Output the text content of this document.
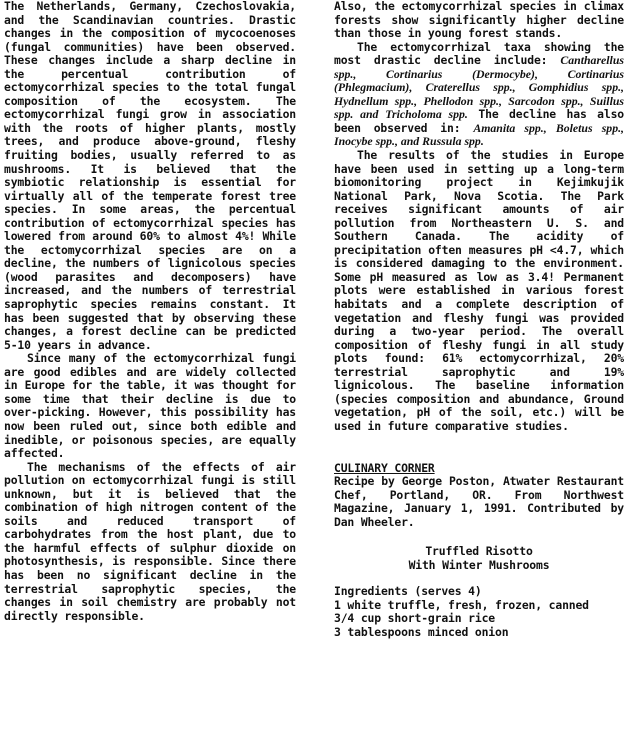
The Netherlands, Germany, Czechoslovakia, and the Scandinavian countries. Drastic changes in the composition of mycocoenoses (fungal communities) have been observed. These changes include a sharp decline in the percentual contribution of ectomycorrhizal species to the total fungal composition of the ecosystem. The ectomycorrhizal fungi grow in association with the roots of higher plants, mostly trees, and produce above-ground, fleshy fruiting bodies, usually referred to as mushrooms. It is believed that the symbiotic relationship is essential for virtually all of the temperate forest tree species. In some areas, the percentual contribution of ectomycorrhizal species has lowered from around 60% to almost 4%! While the ectomycorrhizal species are on a decline, the numbers of lignicolous species (wood parasites and decomposers) have increased, and the numbers of terrestrial saprophytic species remains constant. It has been suggested that by observing these changes, a forest decline can be predicted 5-10 years in advance.

Since many of the ectomycorrhizal fungi are good edibles and are widely collected in Europe for the table, it was thought for some time that their decline is due to over-picking. However, this possibility has now been ruled out, since both edible and inedible, or poisonous species, are equally affected.

The mechanisms of the effects of air pollution on ectomycorrhizal fungi is still unknown, but it is believed that the combination of high nitrogen content of the soils and reduced transport of carbohydrates from the host plant, due to the harmful effects of sulphur dioxide on photosynthesis, is responsible. Since there has been no significant decline in the terrestrial saprophytic species, the changes in soil chemistry are probably not directly responsible.

Also, the ectomycorrhizal species in climax forests show significantly higher decline than those in young forest stands.

The ectomycorrhizal taxa showing the most drastic decline include: Cantharellus spp., Cortinarius (Dermocybe), Cortinarius (Phlegmacium), Craterellus spp., Gomphidius spp., Hydnellum spp., Phellodon spp., Sarcodon spp., Suillus spp. and Tricholoma spp. The decline has also been observed in: Amanita spp., Boletus spp., Inocybe spp., and Russula spp.

The results of the studies in Europe have been used in setting up a long-term biomonitoring project in Kejimkujik National Park, Nova Scotia. The Park receives significant amounts of air pollution from Northeastern U. S. and Southern Canada. The acidity of precipitation often measures pH <4.7, which is considered damaging to the environment. Some pH measured as low as 3.4! Permanent plots were established in various forest habitats and a complete description of vegetation and fleshy fungi was provided during a two-year period. The overall composition of fleshy fungi in all study plots found: 61% ectomycorrhizal, 20% terrestrial saprophytic and 19% lignicolous. The baseline information (species composition and abundance, Ground vegetation, pH of the soil, etc.) will be used in future comparative studies.

CULINARY CORNER

Recipe by George Poston, Atwater Restaurant Chef, Portland, OR. From Northwest Magazine, January 1, 1991. Contributed by Dan Wheeler.

Truffled Risotto
With Winter Mushrooms

Ingredients (serves 4)

1 white truffle, fresh, frozen, canned

3/4 cup short-grain rice

3 tablespoons minced onion
